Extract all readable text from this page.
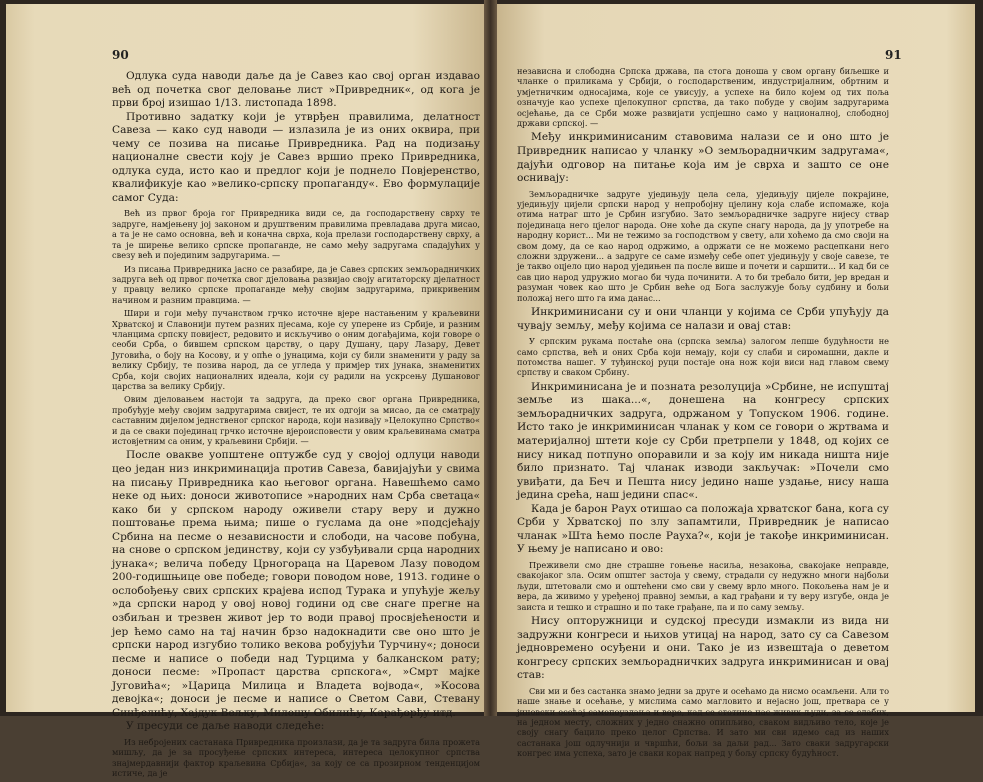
90

Одлука суда наводи даље да је Савез као свој орган издавао већ од почетка свог деловање лист »Привредник«, од кога је први број изишао 1/13. листопада 1898.

Противно задатку који је утврђен правилима, делатност Савеза — како суд наводи — излазила је из оних оквира, при чему се позива на писање Привредника. Рад на подизању националне свести коју је Савез вршио преко Привредника, одлука суда, исто као и предлог који је поднело Повјеренство, квалификује као »велико-српску пропаганду«. Ево формулације самог Суда:

Већ из првог броја гог Привредника види се, да господарственy сврху те задруге, намјењену јој законом и друштвеним правилима превладава друга мисао, а та је не само основна, већ и коначна сврха, која прелази господарствену сврху, а та је ширење велико српске пропаганде, не само међу задругама спадајућих у свезу већ и поједиnим задругарима. —

Из писања Привредника јасно се разабире, да је Савез српских земљорадничких задруга већ од првог почетка свог дјеловања развијао своју агитаторску дјелатност у правцу велико српске пропаганде међу својим задругарима, прикривеним начином и разним правцима. —

Шири и гоји међу пучанством грчко источне вјере настањеним у краљевини Хрватској и Славонији путем разних пјесама, које су уперене из Србије, и разним чланцима српску повијест, редовито и искључиво о оним догађајима, који говоре о сеоби Срба, о бившем српском царству, о цару Душану, цару Лазару, Девет Југовића, о боју на Косову, и у опће о јунацима, који су били знаменити у раду за велику Србију, те позива народ, да се угледа у примјер тих јунака, знаменитих Срба, који својих националних идеала, који су радили на ускрсењу Душановог царства за велику Србију.

Овим дјеловањем настоји та задруга, да преко свог органа Привредника, пробуђује међу својим задругарима свијест, те их одгоји за мисао, да се сматрају саставним дијелом једнственог српског народа, који називају »Целокупно Српство« и да се сваки појединац грчко источне вјероисповести у овим краљевинама сматра истовјетним са оним, у краљевини Србији. —

После овакве уопштене оптужбе суд у својој одлуци наводи цео један низ инкриминација против Савеза, бавијајући у свима на писању Привредника као његовог органа. Навешћемо само неке од њих: доноси животописе »народних нам Срба светаца« како би у српском народу оживели стару веру и дужно поштовање према њима; пише о гуслама да оне »подсјећају Србина на песме о независности и слободи, на часове побуна, на снове о српском јединству, који су узбуђивали срца народних јунака«; велича победу Црногораца на Царевом Лазу поводом 200-годишњице ове победе; говори поводом нове, 1913. године о ослобођењу свих српских крајева испод Турака и упућује жељу »да српски народ у овој новој години од све снаге прегне на озбиљан и трезвен живот јер то води правој просвјећености и јер ћемо само на тај начин брзо надокнадити све оно што је српски народ изгубио толико векова робујући Турчину«; доноси песме и написе о победи над Турцима у балканском рату; доноси песме: »Пропаст царства српскога«, »Смрт мајке Југовића«; »Царица Милица и Владета војвода«, »Косова девојка«; доноси је песме и написе о Светом Сави, Стевану Синђелићу, Хајдук Вељку, Милошу Обилићу, Карађорђу итд.

У пресуди се даље наводи следеће:

Из небројених састанака Привредника произлази, да је та задруга била прожета мишљу, да је за просуђење српских интереса, интереса целокупног српства знајмердавнији фактор краљевина Србија«, за коју се са прозирном тенденцијом истиче, да је

91

независна и слободна Српска држава, па стога доноша у свом органу биљешке и чланке о приликама у Србији, о господарственим, индустријалним, обртним и умјетничким односајима, које се увисују, а успехе на било којем од тих поља означује као успехе цјелокупног српства, да тако побуде у својим задругарима осјећање, да се Срби може развијати успјешно само у националној, слободној држави српској. —

Међу инкриминисаним ставовима налази се и оно што је Привредник написао у чланку »О земљорадничким задругама«, дајући одговор на питање која им је сврха и зашто се оне оснивају:

Земљорадничке задруге уједињују цела села, уједињују цијеле покрајине, уједињују цијели српски народ у непробојну цјелину која слабе испомаже, која отима натраг што је Србин изгубио. Зато земљорадничке задруге нијесу ствар појединаца него цјелог народа. Оне хоће да скупе снагу народа, да ју употребе на народну корист... Ми не тежимо за господством у свету, али хоћемо да смо своји на свом дому, да се као народ одржимо, а одржати се не можемо расцепкани него сложни здружени... а задруге се саме између себе опет уједињују у своје савезе, те је такво оцјело цио народ уједињен па после више и почети и саршити... И кад би се сав цио народ удружио могао би чуда починити. А то би требало бити, јер вредан и разуман човек као што је Србин веће од Бога заслужује бољу судбину и бољи положај него што га има данас...

Инкриминисани су и они чланци у којима се Срби упућују да чувају земљу, међу којима се налази и овај став:

У српским рукама постаће она (српска земља) залогом лепше будућности не само српства, већ и оних Срба који немају, који су слаби и сиромашни, дакле и потомства нашег. У туђинској руци постаје она нож који виси над главом свему српству и свакoм Србину.

Инкриминисана је и позната резолуција »Србине, не испуштај земље из шака...«, донешена на конгресу српских земљорадничких задруга, одржаном у Топуском 1906. године. Исто тако је инкриминисан чланак у ком се говори о жртвама и материјалној штети које су Срби претрпели у 1848, од којих се нису никад потпуно опоравили и за коју им никада ништа није било признато. Тај чланак изводи закључак: »Почели смо увиђати, да Беч и Пешта нису једино наше уздање, нису наша једина срећа, наш једини спас«.

Када је барон Раух отишао са положаја хрватског бана, кога су Срби у Хрватској по злу запамтили, Привредник је написао чланак »Шта ћемо после Рауха?«, који је такође инкриминисан. У њему је написано и ово:

Преживели смо дне страшне гоњење насиља, незакоња, свакојаке неправде, свакојаког зла. Осим општег застоја у свему, страдали су недужно многи најбољи људи, штетовали смо и оштећени смо сви у свему врло много. Покољења нам је и вера, да живимо у уређеној правној земљи, а кад грађани и ту веру изгубе, онда је заиста и тешко и страшно и по таке грађане, па и по саму земљу.

Нису опторужници и судској пресуди измакли из вида ни задружни конгреси и њихов утицај на народ, зато су са Савезом једновремено осуђени и они. Тако је из извештаја о деветом конгресу српских земљорадничких задруга инкриминисан и овај став:

Сви ми и без састанка знамо једни за друге и осећамо да нисмо осамљени. Али то наше знање и осећање, у мислима само магловито и нејасно још, претвара се у јиновски осећај самопоуздања и вере, кад се стотине нас живих људи, за се слабих, на једном месту, сложних у једно снажно опипљиво, сваком видљиво тело, које је своју снагу бацило преко целог Српства. И зато ми сви идемо сад из наших састанака још одлучнији и чвршћи, бољи за даљи рад... Зато сваки задругарски конгрес има успеха, зато је сваки корак напред у бољу српску будућност.
